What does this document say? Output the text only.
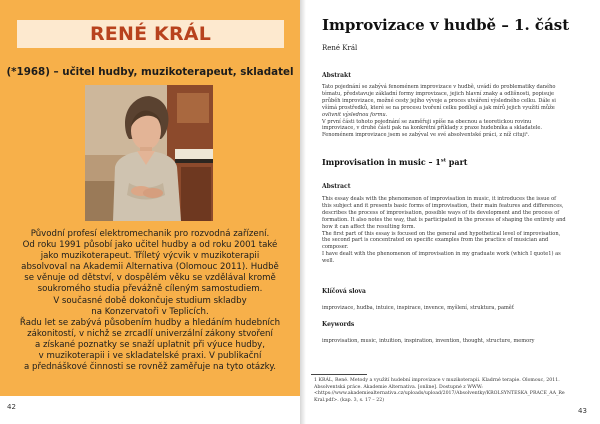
RENÉ KRÁL
(*1968) – učitel hudby, muzikoterapeut, skladatel

Původní profesí elektromechanik pro rozvodná zařízení.

Od roku 1991 působí jako učitel hudby a od roku 2001 také

jako muzikoterapeut. Tříletý výcvik v muzikoterapii

absolvoval na Akademii Alternativa (Olomouc 2011). Hudbě

se věnuje od dětství, v dospělém věku se vzdělával kromě

soukromého studia převážně cíleným samostudiem.

V současné době dokončuje studium skladby

na Konzervatoři v Teplicích.

Řadu let se zabývá působením hudby a hledáním hudebních

zákonitostí, v nichž se zrcadlí univerzální zákony stvoření

a získané poznatky se snaží uplatnit při výuce hudby,

v muzikoterapii i ve skladatelské praxi. V publikační

a přednáškové činnosti se rovněž zaměřuje na tyto otázky.

42
Improvizace v hudbě – 1. část
René Král
Abstrakt

Tato pojednání se zabývá fenoménem improvizace v hudbě, uvádí do problematiky daného

tématu, představuje základní formy improvizace, jejich hlavní znaky a odlišnosti, popisuje

průběh improvizace, možné cesty jejího vývoje a proces utváření výsledného celku. Dále si

všímá prostředků, které se na procesu tvoření celku podílejí a jak mírů jejich využití může

ovlivnit výslednou formu.

V první části tohoto pojednání se zaměřuji spíše na obecnou a teoretickou rovinu

improvizace, v druhé části pak na konkrétní příklady z praxe hudebníka a skladatele.

Fenoménem improvizace jsem se zabýval ve své absolventské práci, z níž cituji¹.

Improvisation in music – 1st part
Abstract

This essay deals with the phenomenon of improvisation in music, it introduces the issue of

this subject and it presents basic forms of improvisation, their main features and differences,

describes the process of improvisation, possible ways of its development and the process of

formation. It also notes the way, that is participated in the process of shaping the entirety and

how it can affect the resulting form.

The first part of this essay is focused on the general and hypothetical level of improvisation,

the second part is concentrated on specific examples from the practice of musician and

composer.

I have dealt with the phenomenon of improvisation in my graduate work (which I quote1) as

well.

Klíčová slova
improvizace, hudba, intuice, inspirace, invence, myšlení, struktura, paměť
Keywords
improvisation, music, intuition, inspiration, invention, thought, structure, memory

1 KRÁL, René. Metody a využití hudební improvizace v muzikoterapii. Kladrné terapie. Olomouc, 2011.

Absolventská práce. Akademie Alternativa. [online]. Dostupné z WWW:

<https://www.akademiealternativa.cz/uploads/upload/2017/Absolventky/KROLSYNTESKA_PRACE_AA_Re

Kral.pdf>. (kap. 3, s. 17 – 22)

43
